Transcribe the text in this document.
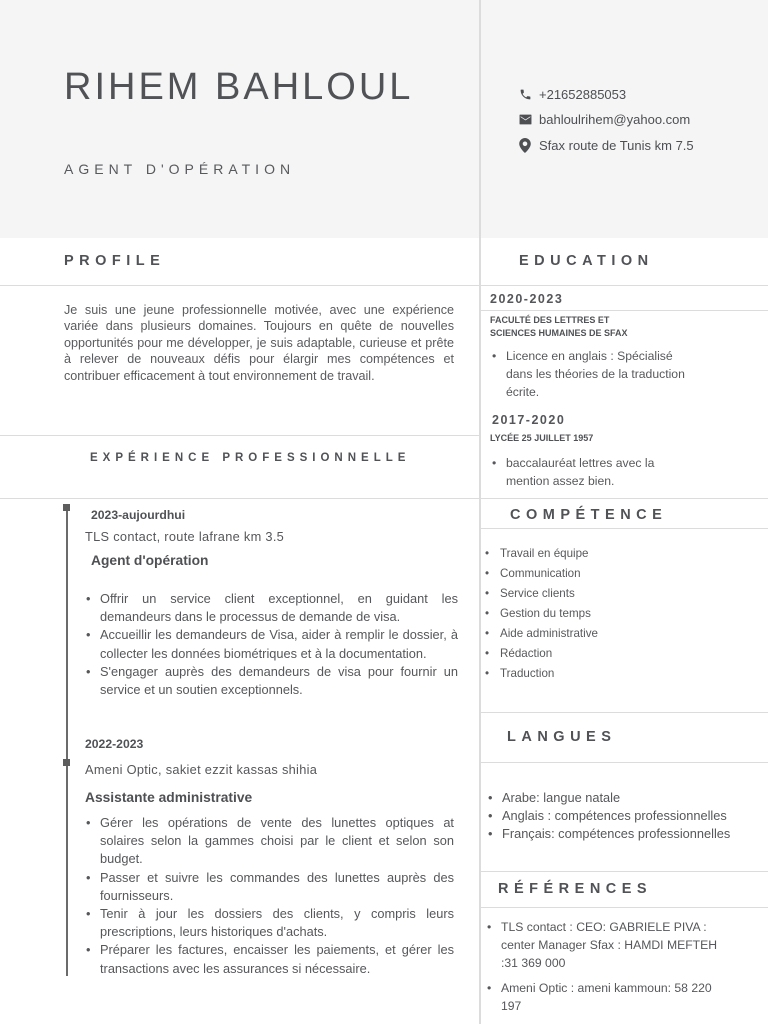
RIHEM BAHLOUL
AGENT D'OPÉRATION
+21652885053
bahloulrihem@yahoo.com
Sfax route de Tunis km 7.5
PROFILE
Je suis une jeune professionnelle motivée, avec une expérience variée dans plusieurs domaines. Toujours en quête de nouvelles opportunités pour me développer, je suis adaptable, curieuse et prête à relever de nouveaux défis pour élargir mes compétences et contribuer efficacement à tout environnement de travail.
EXPÉRIENCE PROFESSIONNELLE
2023-aujourdhui
TLS contact, route lafrane km 3.5
Agent d'opération
• Offrir un service client exceptionnel, en guidant les demandeurs dans le processus de demande de visa.
• Accueillir les demandeurs de Visa, aider à remplir le dossier, à collecter les données biométriques et à la documentation.
• S'engager auprès des demandeurs de visa pour fournir un service et un soutien exceptionnels.
2022-2023
Ameni Optic, sakiet ezzit kassas shihia
Assistante administrative
• Gérer les opérations de vente des lunettes optiques at solaires selon la gammes choisi par le client et selon son budget.
• Passer et suivre les commandes des lunettes auprès des fournisseurs.
• Tenir à jour les dossiers des clients, y compris leurs prescriptions, leurs historiques d'achats.
• Préparer les factures, encaisser les paiements, et gérer les transactions avec les assurances si nécessaire.
EDUCATION
2020-2023
FACULTÉ DES LETTRES ET
SCIENCES HUMAINES DE SFAX
• Licence en anglais : Spécialisé dans les théories de la traduction écrite.
2017-2020
LYCÉE 25 JUILLET 1957
• baccalauréat lettres avec la mention assez bien.
COMPÉTENCE
• Travail en équipe
• Communication
• Service clients
• Gestion du temps
• Aide administrative
• Rédaction
• Traduction
LANGUES
• Arabe: langue natale
• Anglais : compétences professionnelles
• Français: compétences professionnelles
RÉFÉRENCES
• TLS contact : CEO: GABRIELE PIVA : center Manager Sfax : HAMDI MEFTEH :31 369 000
• Ameni Optic : ameni kammoun: 58 220 197
